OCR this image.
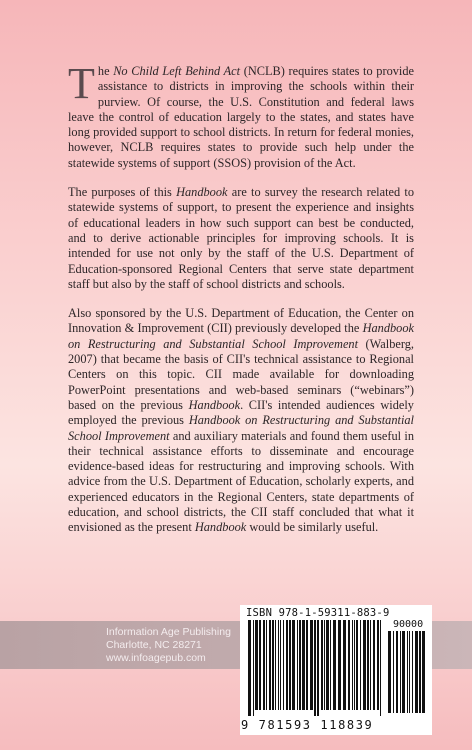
The No Child Left Behind Act (NCLB) requires states to provide assistance to districts in improving the schools within their purview. Of course, the U.S. Constitution and federal laws leave the control of education largely to the states, and states have long provided support to school districts. In return for federal monies, however, NCLB requires states to provide such help under the statewide systems of support (SSOS) provision of the Act.

The purposes of this Handbook are to survey the research related to statewide systems of support, to present the experience and insights of educational leaders in how such support can best be conducted, and to derive actionable principles for improving schools. It is intended for use not only by the staff of the U.S. Department of Education-sponsored Regional Centers that serve state department staff but also by the staff of school districts and schools.

Also sponsored by the U.S. Department of Education, the Center on Innovation & Improvement (CII) previously developed the Handbook on Restructuring and Substantial School Improvement (Walberg, 2007) that became the basis of CII's technical assistance to Regional Centers on this topic. CII made available for downloading PowerPoint presentations and web-based seminars (“webinars”) based on the previous Handbook. CII's intended audiences widely employed the previous Handbook on Restructuring and Substantial School Improvement and auxiliary materials and found them useful in their technical assistance efforts to disseminate and encourage evidence-based ideas for restructuring and improving schools. With advice from the U.S. Department of Education, scholarly experts, and experienced educators in the Regional Centers, state departments of education, and school districts, the CII staff concluded that what it envisioned as the present Handbook would be similarly useful.

Information Age Publishing
Charlotte, NC 28271
www.infoagepub.com
ISBN 978-1-59311-883-9
90000
9 781593 118839
